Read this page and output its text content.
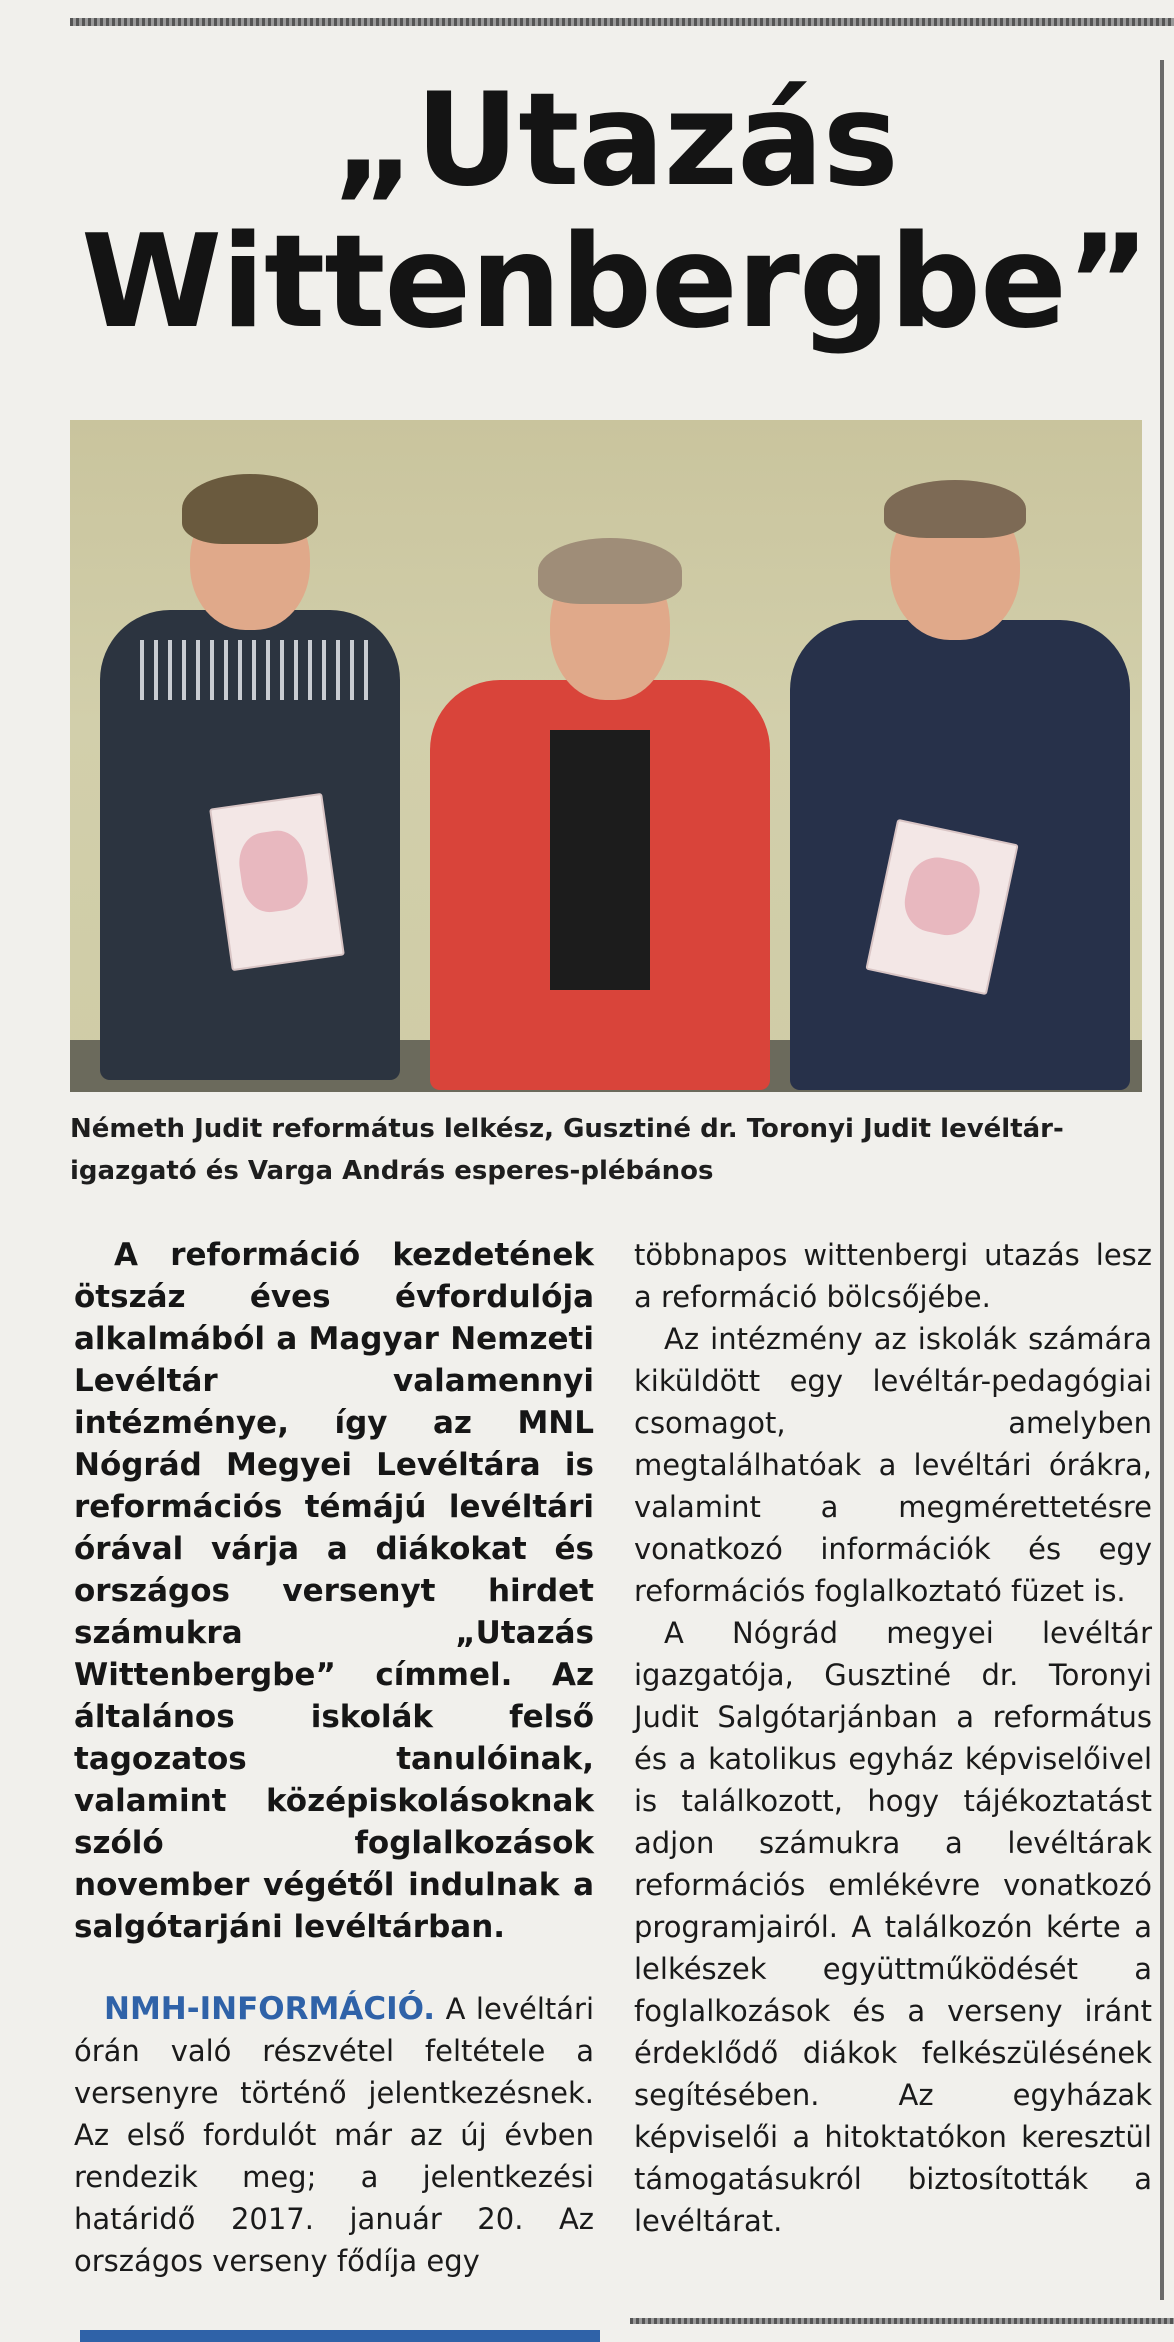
„Utazás
Wittenbergbe”

Németh Judit református lelkész, Gusztiné dr. Toronyi Judit levéltár-igazgató és Varga András esperes-plébános

A reformáció kezdetének ötszáz éves évfordulója alkalmából a Magyar Nemzeti Levéltár valamennyi intézménye, így az MNL Nógrád Megyei Levéltára is reformációs témájú levéltári órával várja a diákokat és országos versenyt hirdet számukra „Utazás Wittenbergbe” címmel. Az általános iskolák felső tagozatos tanulóinak, valamint középiskolásoknak szóló foglalkozások november végétől indulnak a salgótarjáni levéltárban.

NMH-INFORMÁCIÓ. A levéltári órán való részvétel feltétele a versenyre történő jelentkezésnek. Az első fordulót már az új évben rendezik meg; a jelentkezési határidő 2017. január 20. Az országos verseny fődíja egy

többnapos wittenbergi utazás lesz a reformáció bölcsőjébe.

Az intézmény az iskolák számára kiküldött egy levéltár-pedagógiai csomagot, amelyben megtalálhatóak a levéltári órákra, valamint a megmérettetésre vonatkozó információk és egy reformációs foglalkoztató füzet is.

A Nógrád megyei levéltár igazgatója, Gusztiné dr. Toronyi Judit Salgótarjánban a református és a katolikus egyház képviselőivel is találkozott, hogy tájékoztatást adjon számukra a levéltárak reformációs emlékévre vonatkozó programjairól. A találkozón kérte a lelkészek együttműködését a foglalkozások és a verseny iránt érdeklődő diákok felkészülésének segítésében. Az egyházak képviselői a hitoktatókon keresztül támogatásukról biztosították a levéltárat.
